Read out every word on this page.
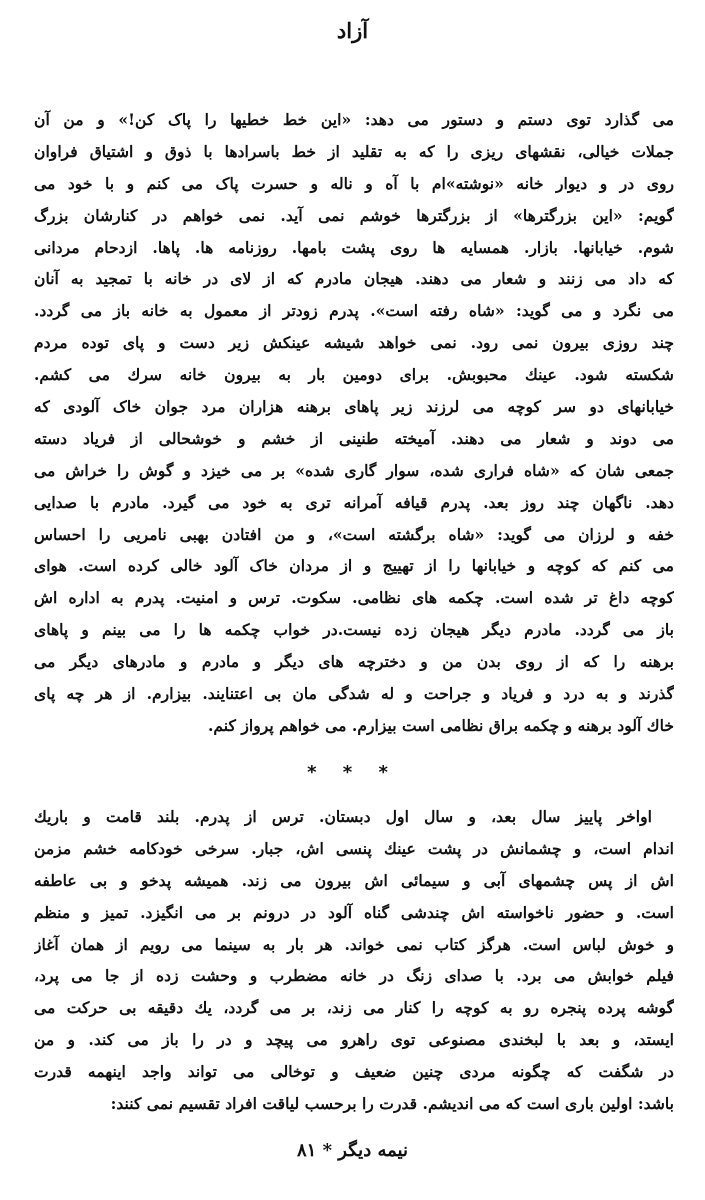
آزاد
می گذارد توی دستم و دستور می دهد: «این خط خطیها را پاک کن!» و من آن
جملات خیالی، نقشهای ریزی را که به تقلید از خط باسرادها با ذوق و اشتیاق فراوان
روی در و دیوار خانه «نوشته»ام با آه و ناله و حسرت پاک می کنم و با خود می
گویم: «این بزرگترها» از بزرگترها خوشم نمی آید. نمی خواهم در کنارشان بزرگ
شوم. خیابانها. بازار. همسایه ها روی پشت بامها. روزنامه ها. پاها. ازدحام مردانی
که داد می زنند و شعار می دهند. هیجان مادرم که از لای در خانه با تمجید به آنان
می نگرد و می گوید: «شاه رفته است». پدرم زودتر از معمول به خانه باز می گردد.
چند روزی بیرون نمی رود. نمی خواهد شیشه عینکش زیر دست و پای توده مردم
شکسته شود. عینك محبوبش. برای دومین بار به بیرون خانه سرك می کشم.
خیابانهای دو سر کوچه می لرزند زیر پاهای برهنه هزاران مرد جوان خاک آلودی که
می دوند و شعار می دهند. آمیخته طنینی از خشم و خوشحالی از فریاد دسته
جمعی شان که «شاه فراری شده، سوار گاری شده» بر می خیزد و گوش را خراش می
دهد. ناگهان چند روز بعد. پدرم قیافه آمرانه تری به خود می گیرد. مادرم با صدایی
خفه و لرزان می گوید: «شاه برگشته است»، و من افتادن بهبی نامریی را احساس
می کنم که کوچه و خیابانها را از تهییج و از مردان خاک آلود خالی کرده است. هوای
کوچه داغ تر شده است. چکمه های نظامی. سکوت. ترس و امنیت. پدرم به اداره اش
باز می گردد. مادرم دیگر هیجان زده نیست.در خواب چکمه ها را می بینم و پاهای
برهنه را که از روی بدن من و دخترچه های دیگر و مادرم و مادرهای دیگر می
گذرند و به درد و فریاد و جراحت و له شدگی مان بی اعتنایند. بیزارم. از هر چه پای
خاك آلود برهنه و چکمه براق نظامی است بیزارم. می خواهم پرواز کنم.
* * *
اواخر پاییز سال بعد، و سال اول دبستان. ترس از پدرم. بلند قامت و باریك
اندام است، و چشمانش در پشت عینك پنسی اش، جبار. سرخی خودکامه خشم مزمن
اش از پس چشمهای آبی و سیمائی اش بیرون می زند. همیشه پدخو و بی عاطفه
است. و حضور ناخواسته اش چندشی گناه آلود در درونم بر می انگیزد. تمیز و منظم
و خوش لباس است. هرگز کتاب نمی خواند. هر بار به سینما می رویم از همان آغاز
فیلم خوابش می برد. با صدای زنگ در خانه مضطرب و وحشت زده از جا می پرد،
گوشه پرده پنجره رو به کوچه را کنار می زند، بر می گردد، یك دقیقه بی حرکت می
ایستد، و بعد با لبخندی مصنوعی توی راهرو می پیچد و در را باز می کند. و من
در شگفت که چگونه مردی چنین ضعیف و توخالی می تواند واجد اینهمه قدرت
باشد: اولین باری است که می اندیشم. قدرت را برحسب لیاقت افراد تقسیم نمی کنند:
نیمه دیگر * ۸۱
